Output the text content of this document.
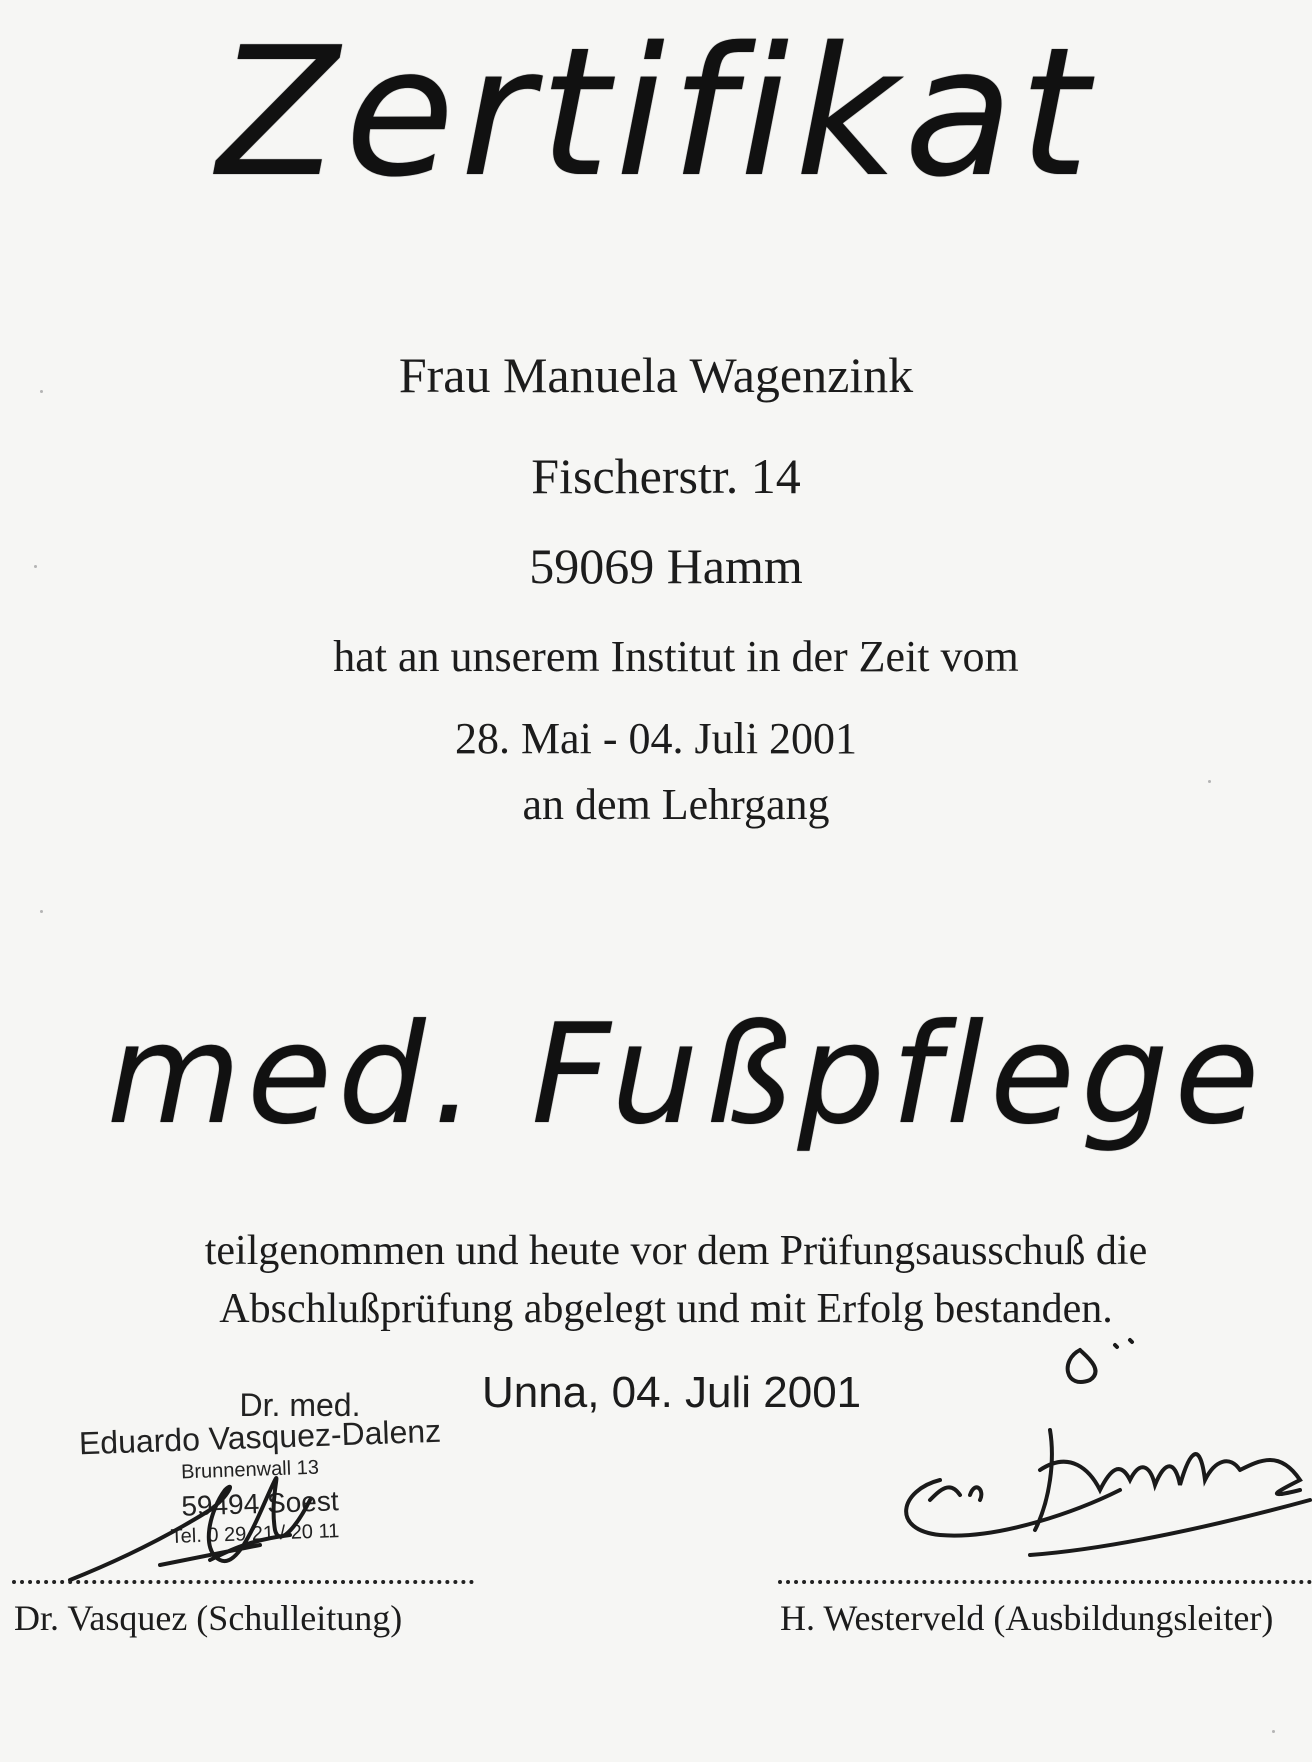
Zertifikat
Frau Manuela Wagenzink
Fischerstr. 14
59069 Hamm
hat an unserem Institut in der Zeit vom
28. Mai - 04. Juli 2001
an dem Lehrgang
med. Fußpflege
teilgenommen und heute vor dem Prüfungsausschuß die
Abschlußprüfung abgelegt und mit Erfolg bestanden.
Unna, 04. Juli 2001
Dr. med.
Eduardo Vasquez-Dalenz
Brunnenwall 13
59494 Soest
Tel. 0 29 21 / 20 11
Dr. Vasquez (Schulleitung)	H. Westerveld (Ausbildungsleiter)
